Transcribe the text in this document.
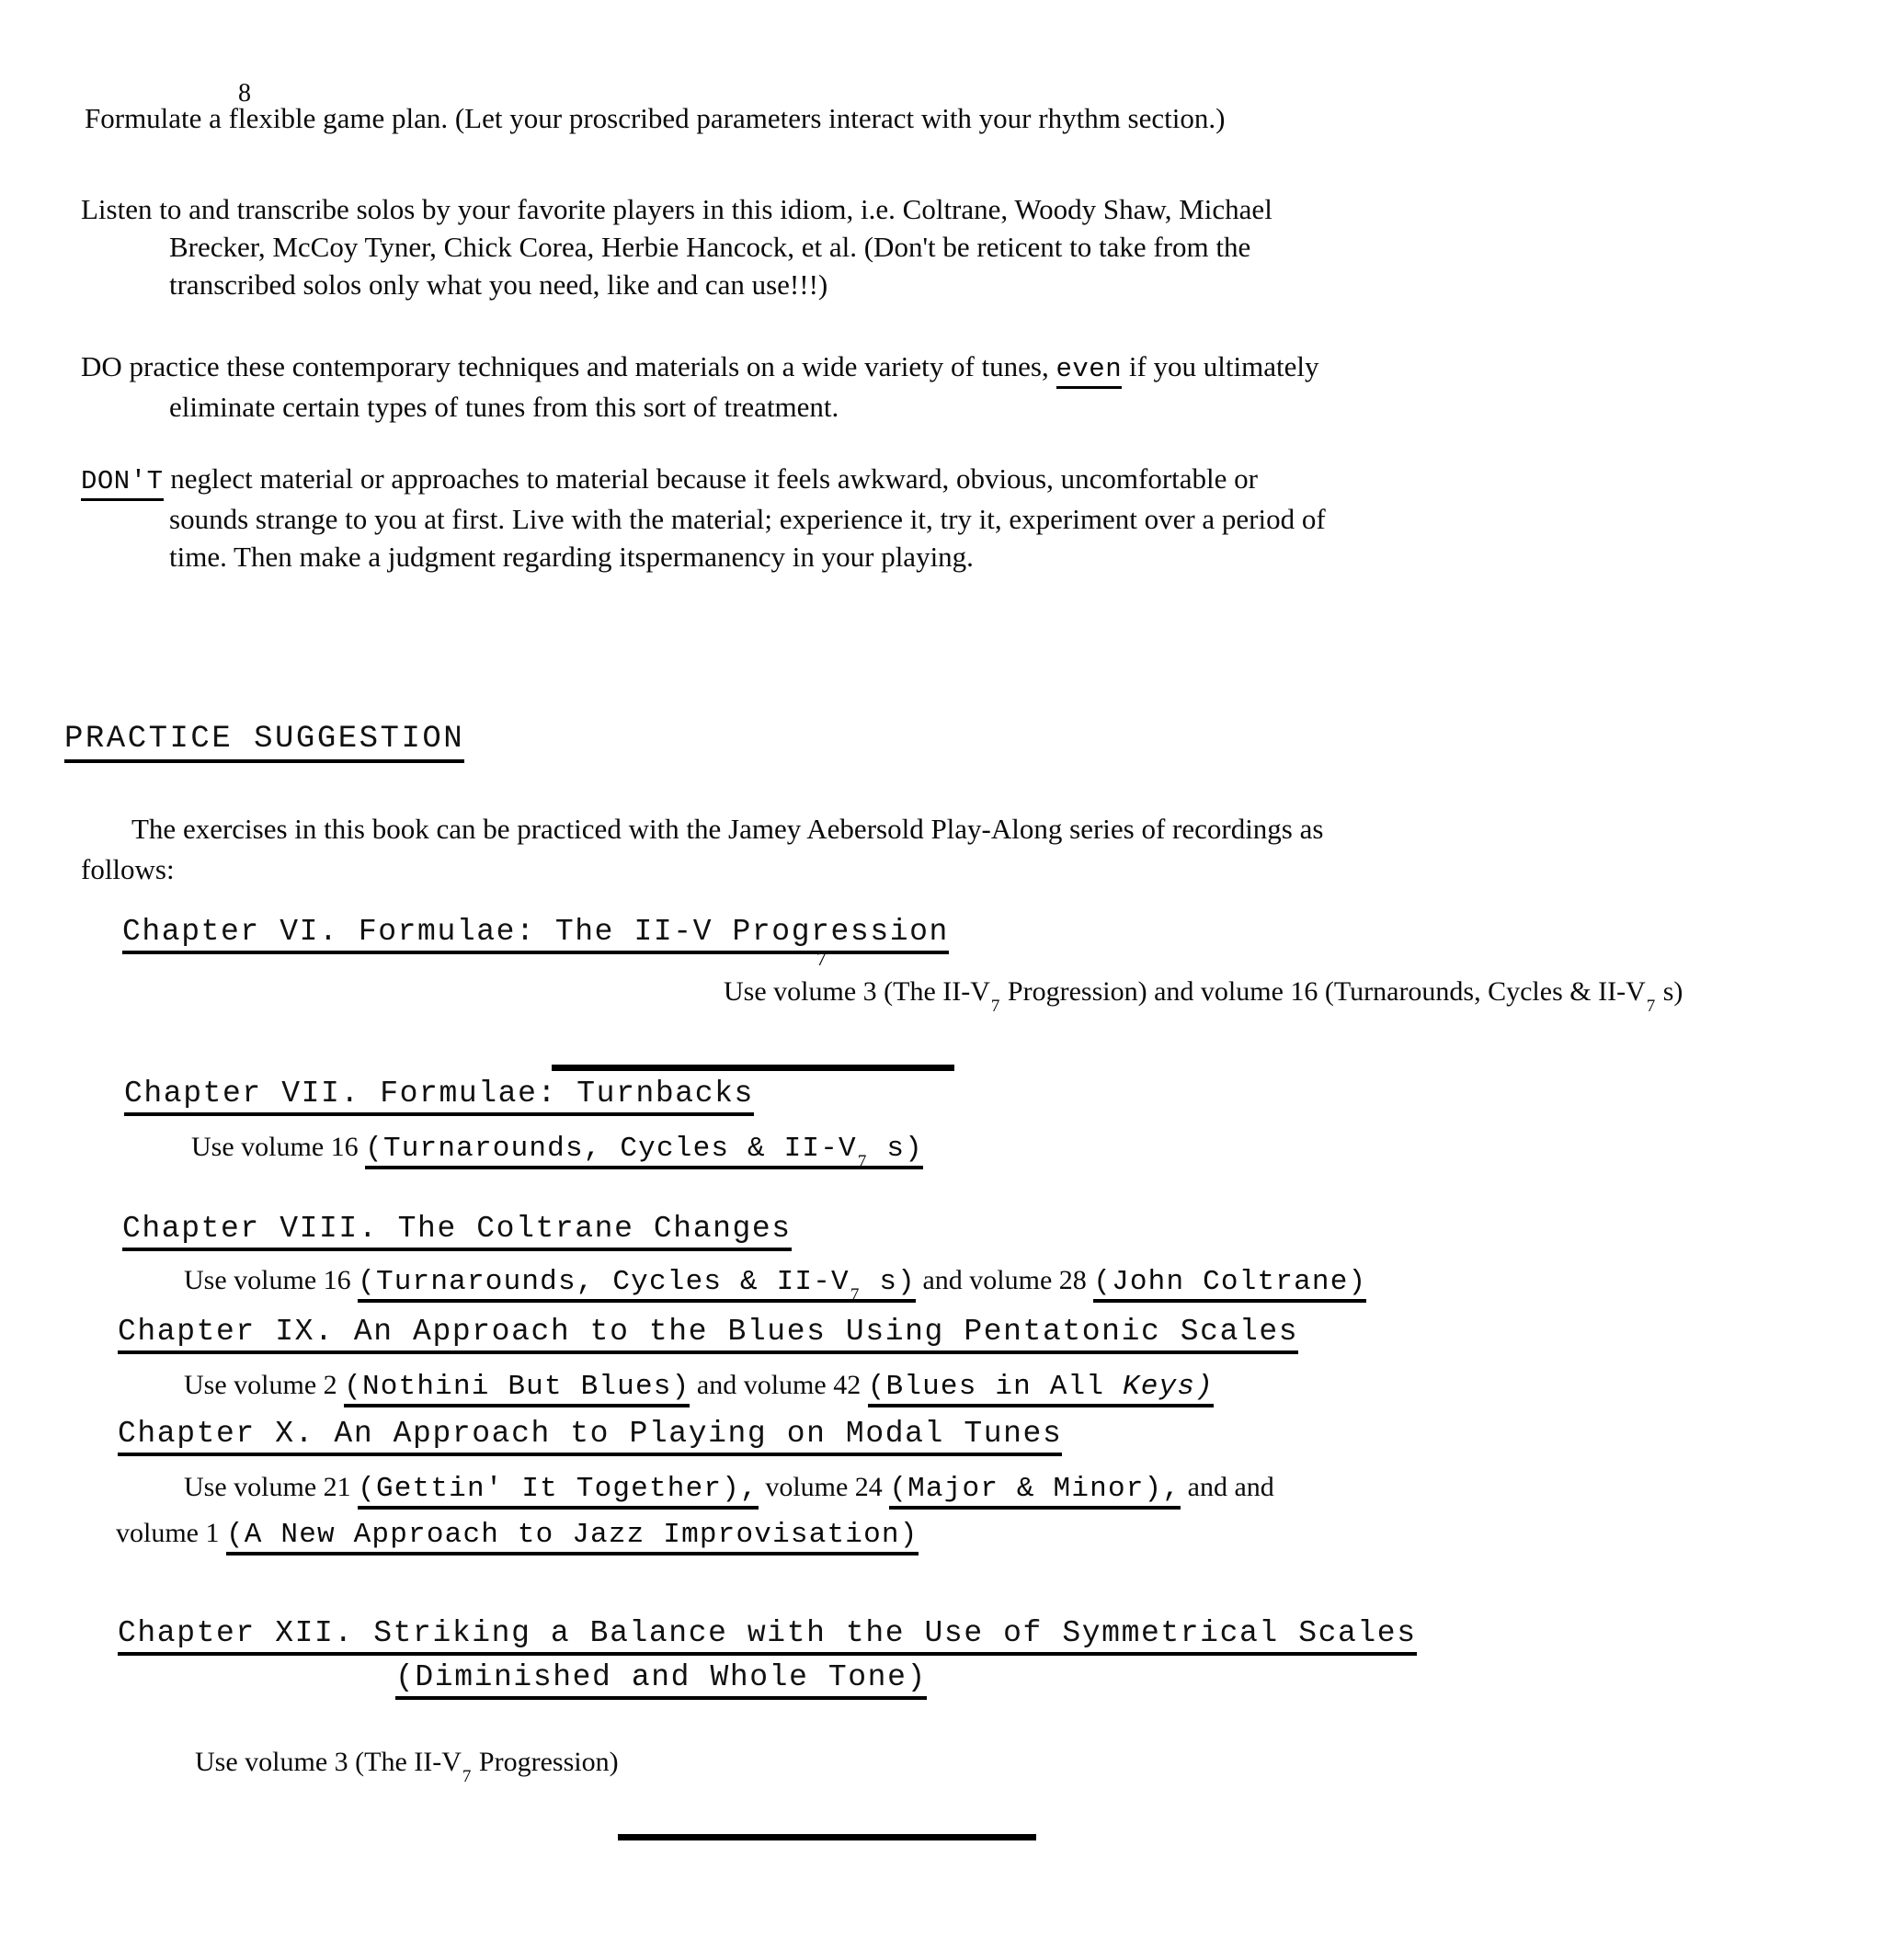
8
Formulate a flexible game plan. (Let your proscribed parameters interact with your rhythm section.)
Listen to and transcribe solos by your favorite players in this idiom, i.e. Coltrane, Woody Shaw, Michael
Brecker, McCoy Tyner, Chick Corea, Herbie Hancock, et al. (Don't be reticent to take from the
transcribed solos only what you need, like and can use!!!)
DO practice these contemporary techniques and materials on a wide variety of tunes, even if you ultimately
eliminate certain types of tunes from this sort of treatment.
DON'T neglect material or approaches to material because it feels awkward, obvious, uncomfortable or
sounds strange to you at first. Live with the material; experience it, try it, experiment over a period of
time. Then make a judgment regarding itspermanency in your playing.
PRACTICE SUGGESTION
The exercises in this book can be practiced with the Jamey Aebersold Play-Along series of recordings as
follows:
Chapter VI. Formulae: The II-V Progression
7
Use volume 3 (The $II-V_7$ Progression) and volume 16 (Turnarounds, Cycles & $II-V_7$ s)
Chapter VII. Formulae: Turnbacks
Use volume 16 (Turnarounds, Cycles & $II-V_7$ s)
Chapter VIII. The Coltrane Changes
Use volume 16 (Turnarounds, Cycles & $II-V_7$ s) and volume 28 (John Coltrane)
Chapter IX. An Approach to the Blues Using Pentatonic Scales
Use volume 2 (Nothini But Blues) and volume 42 (Blues in All Keys)
Chapter X. An Approach to Playing on Modal Tunes
Use volume 21 (Gettin' It Together), volume 24 (Major & Minor), and and
volume 1 (A New Approach to Jazz Improvisation)
Chapter XII. Striking a Balance with the Use of Symmetrical Scales
(Diminished and Whole Tone)
Use volume 3 (The $II-V_7$ Progression)
